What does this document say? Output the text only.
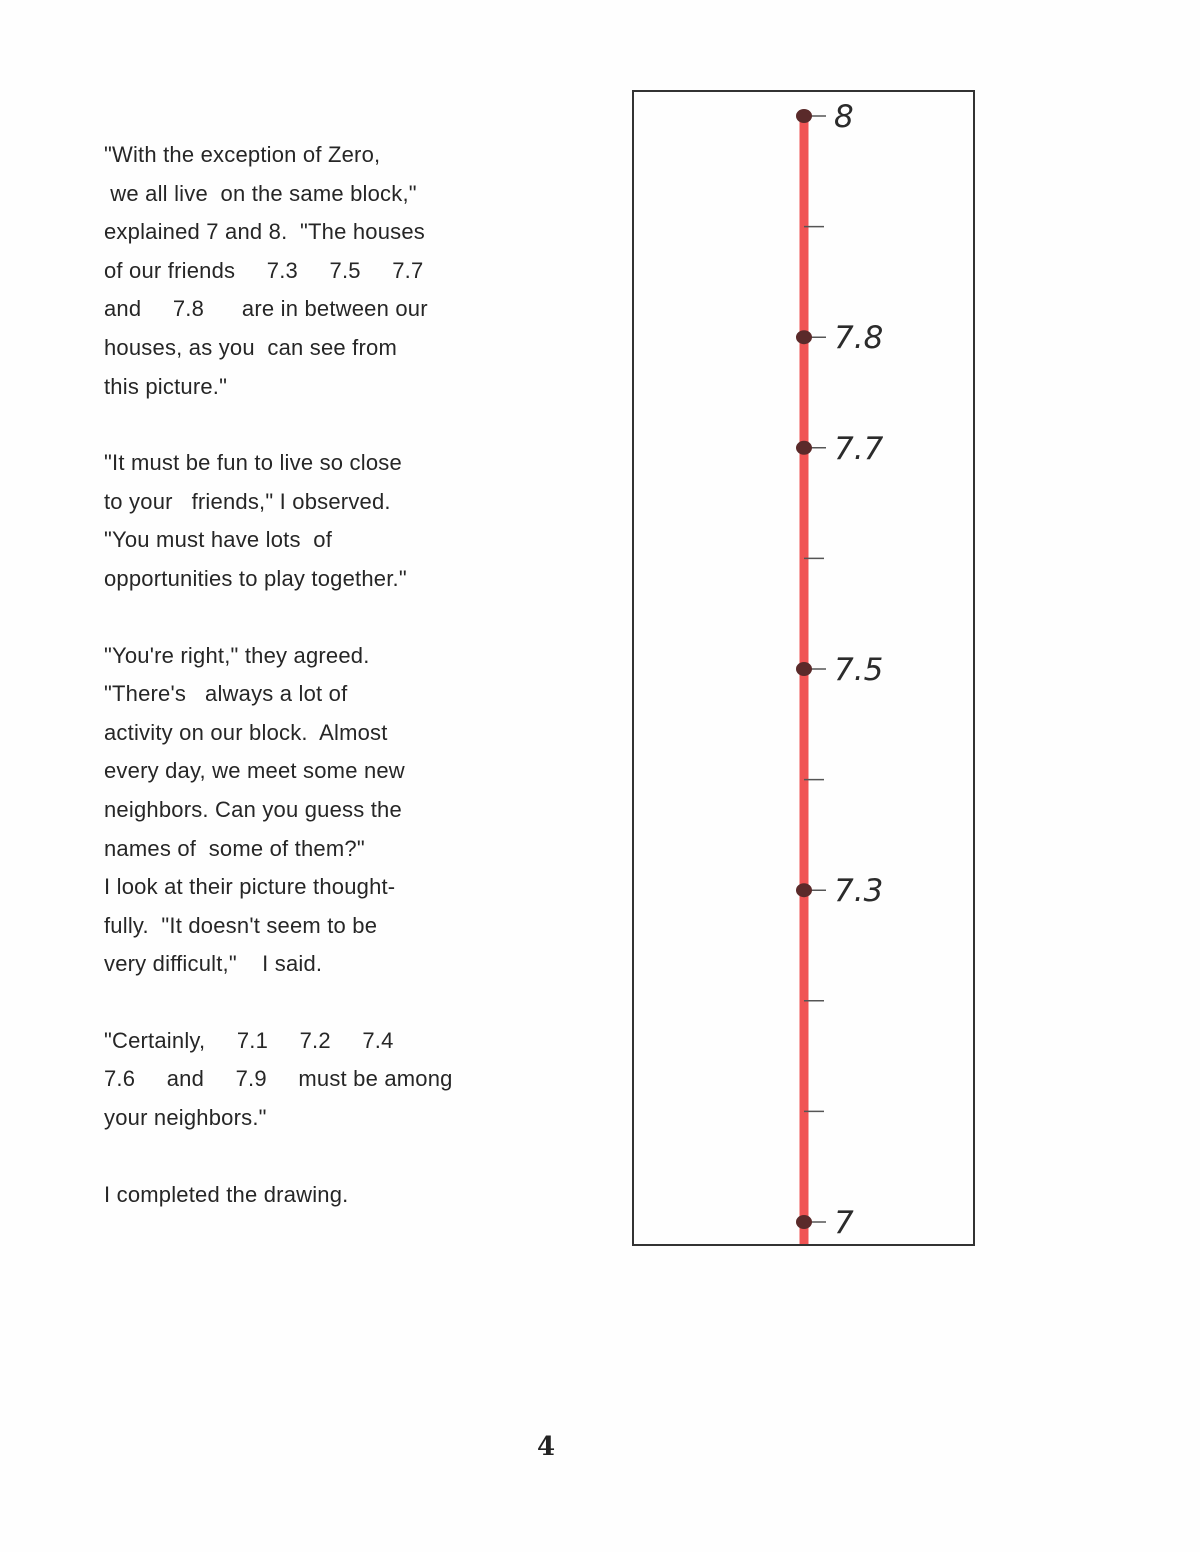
"With the exception of Zero,
we all live  on the same block,"
explained 7 and 8.  "The houses
of our friends     7.3     7.5     7.7
and     7.8      are in between our
houses, as you  can see from
this picture."
"It must be fun to live so close
to your   friends," I observed.
"You must have lots  of
opportunities to play together."
"You're right," they agreed.
"There's   always a lot of
activity on our block.  Almost
every day, we meet some new
neighbors. Can you guess the
names of  some of them?"
I look at their picture thought-
fully.  "It doesn't seem to be
very difficult,"    I said.
"Certainly,     7.1     7.2     7.4
7.6     and     7.9     must be among
your neighbors."
I completed the drawing.
8
7.8
7.7
7.5
7.3
7
4
